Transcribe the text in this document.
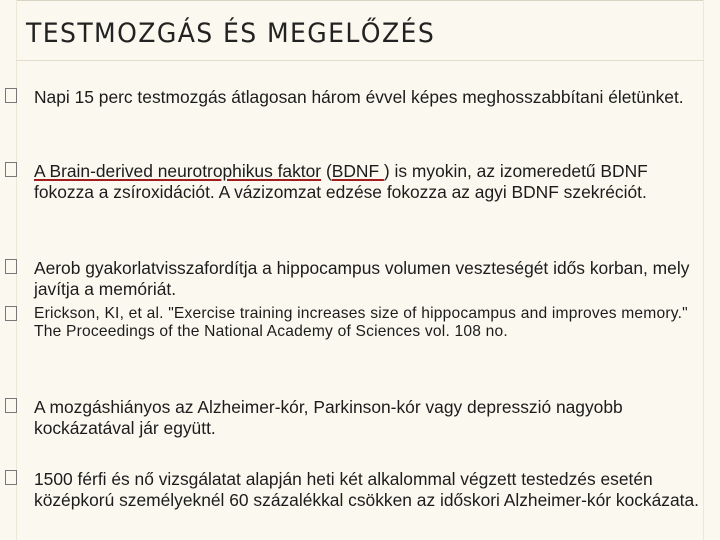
TESTMOZGÁS ÉS MEGELŐZÉS
Napi 15 perc testmozgás átlagosan három évvel képes meghosszabbítani életünket.
A Brain-derived neurotrophikus faktor (BDNF ) is myokin, az izomeredetű BDNF fokozza a zsíroxidációt. A vázizomzat edzése fokozza az agyi BDNF szekréciót.
Aerob gyakorlatvisszafordítja a hippocampus volumen veszteségét idős korban, mely javítja a memóriát.
Erickson, KI, et al. "Exercise training increases size of hippocampus and improves memory." The Proceedings of the National Academy of Sciences vol. 108 no.
A mozgáshiányos az Alzheimer-kór, Parkinson-kór vagy depresszió nagyobb kockázatával jár együtt.
1500 férfi és nő vizsgálatat alapján heti két alkalommal végzett testedzés esetén középkorú személyeknél 60 százalékkal csökken az időskori Alzheimer-kór kockázata.
